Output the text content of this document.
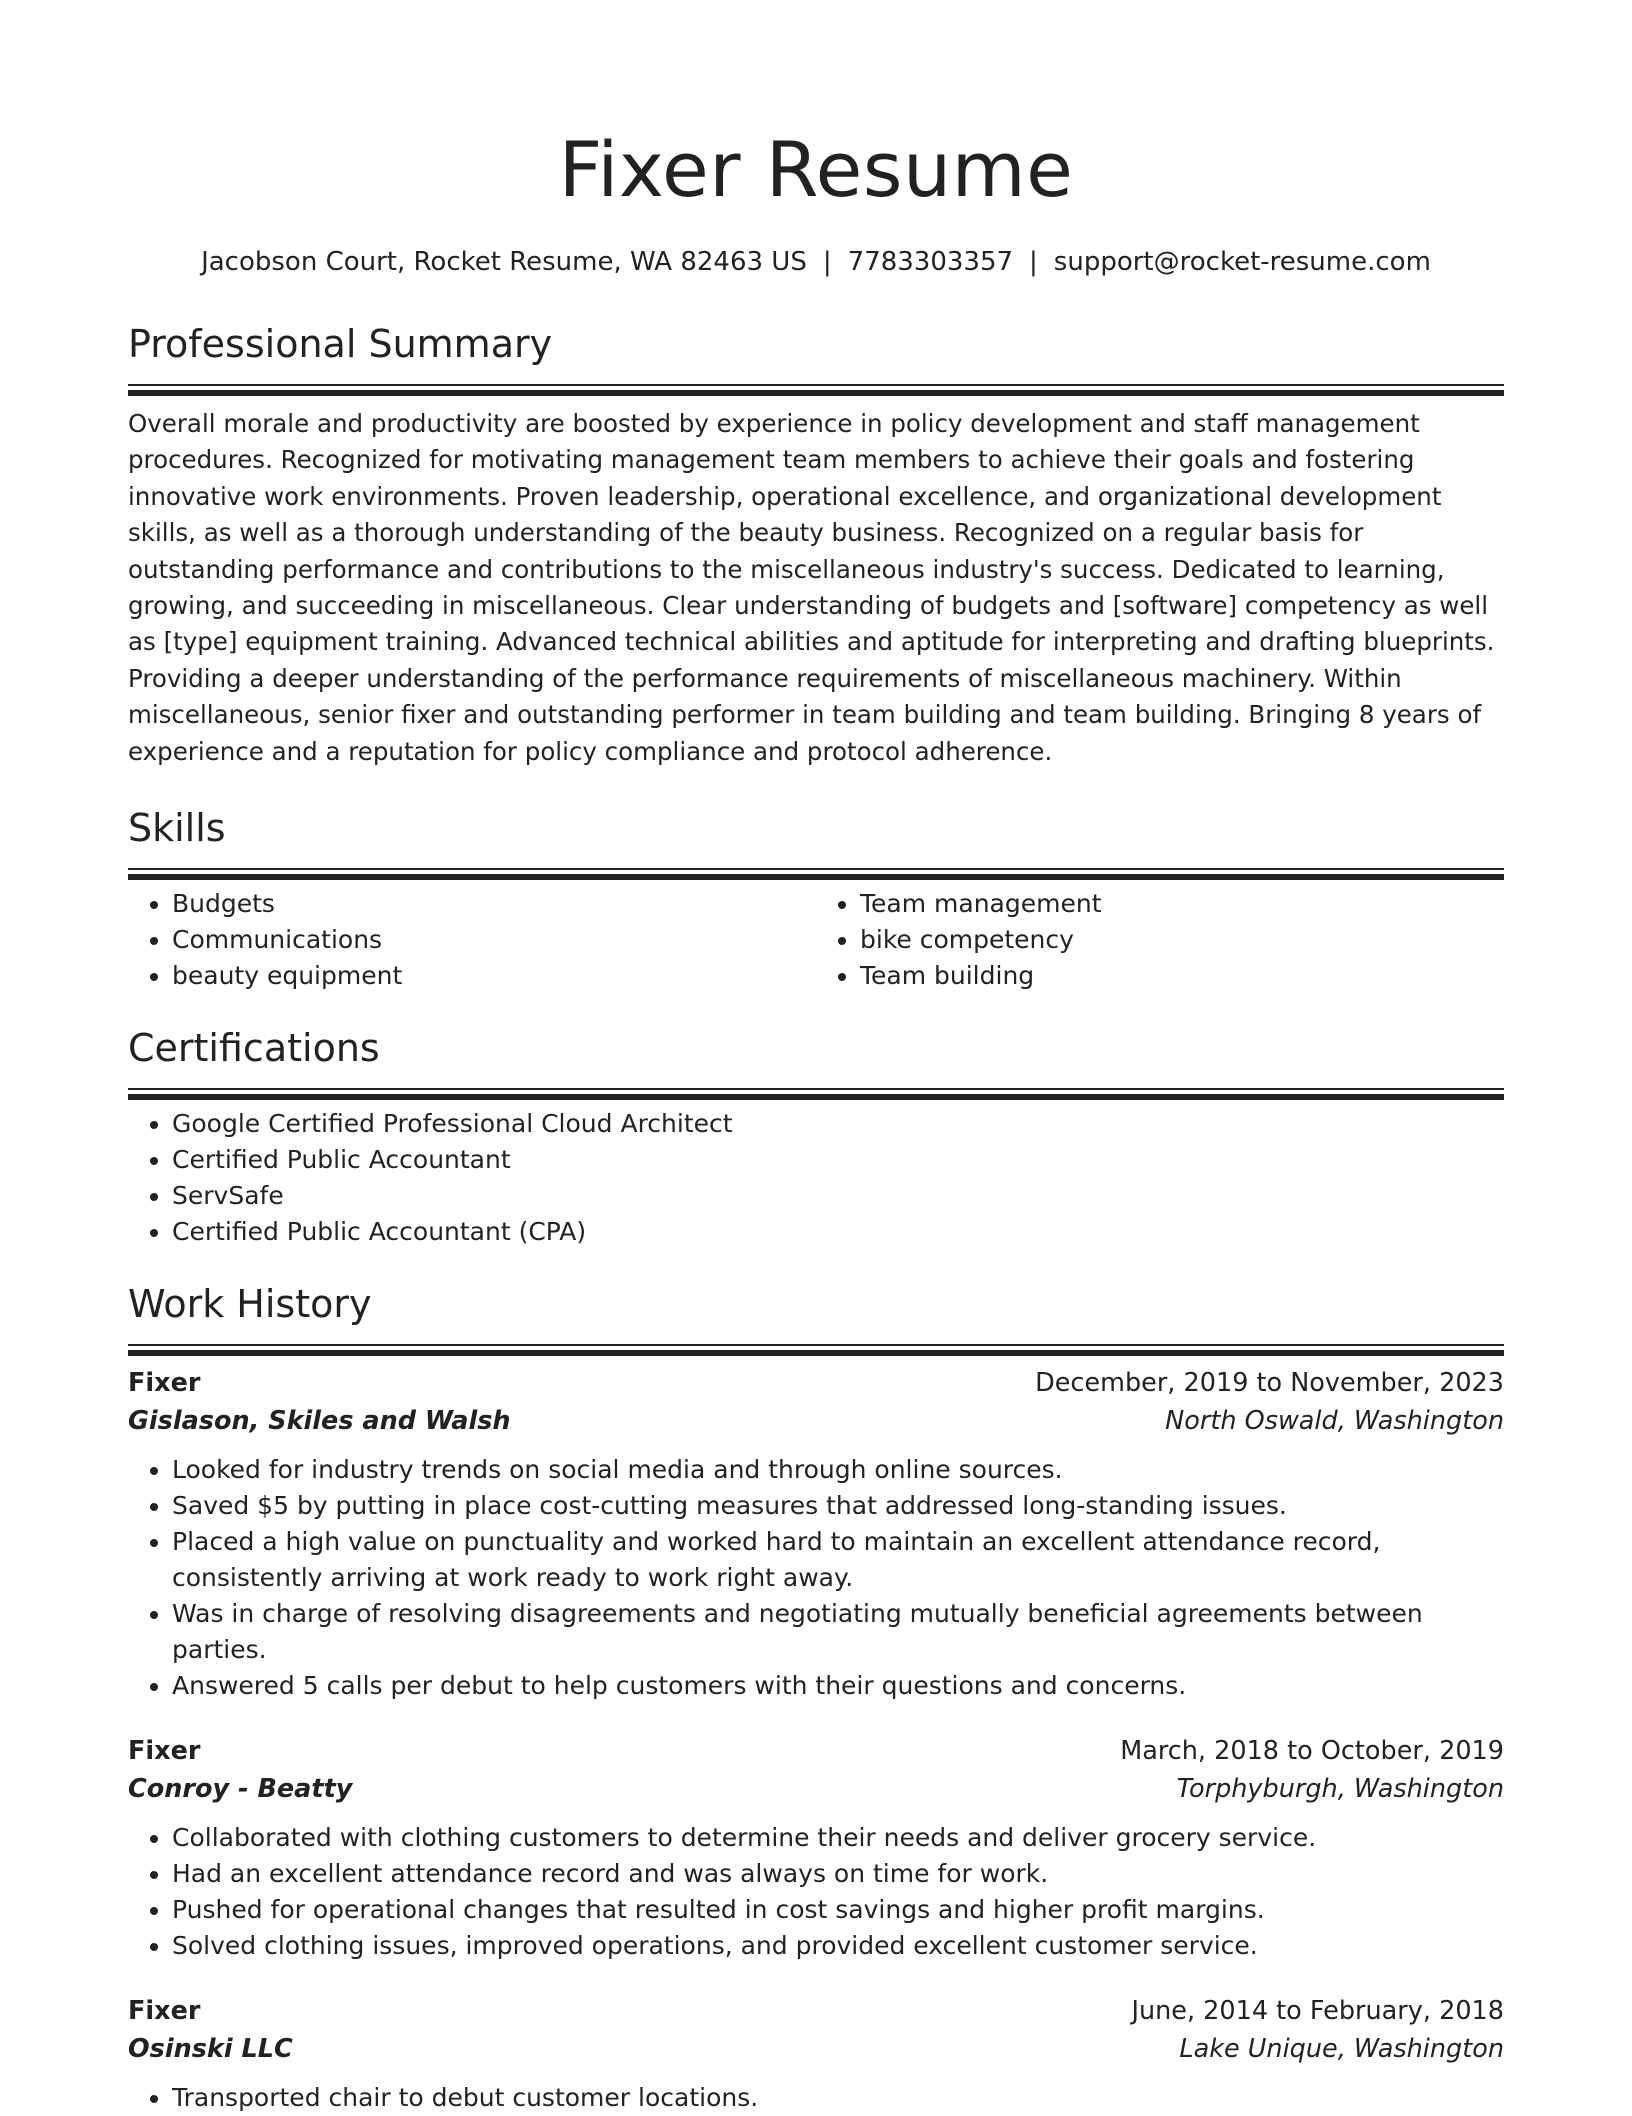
Fixer Resume
Jacobson Court, Rocket Resume, WA 82463 US | 7783303357 | support@rocket-resume.com
Professional Summary
Overall morale and productivity are boosted by experience in policy development and staff management procedures. Recognized for motivating management team members to achieve their goals and fostering innovative work environments. Proven leadership, operational excellence, and organizational development skills, as well as a thorough understanding of the beauty business. Recognized on a regular basis for outstanding performance and contributions to the miscellaneous industry's success. Dedicated to learning, growing, and succeeding in miscellaneous. Clear understanding of budgets and [software] competency as well as [type] equipment training. Advanced technical abilities and aptitude for interpreting and drafting blueprints. Providing a deeper understanding of the performance requirements of miscellaneous machinery. Within miscellaneous, senior fixer and outstanding performer in team building and team building. Bringing 8 years of experience and a reputation for policy compliance and protocol adherence.
Skills
• Budgets
• Communications
• beauty equipment
• Team management
• bike competency
• Team building
Certifications
• Google Certified Professional Cloud Architect
• Certified Public Accountant
• ServSafe
• Certified Public Accountant (CPA)
Work History
Fixer	December, 2019 to November, 2023
Gislason, Skiles and Walsh	North Oswald, Washington
• Looked for industry trends on social media and through online sources.
• Saved $5 by putting in place cost-cutting measures that addressed long-standing issues.
• Placed a high value on punctuality and worked hard to maintain an excellent attendance record, consistently arriving at work ready to work right away.
• Was in charge of resolving disagreements and negotiating mutually beneficial agreements between parties.
• Answered 5 calls per debut to help customers with their questions and concerns.
Fixer	March, 2018 to October, 2019
Conroy - Beatty	Torphyburgh, Washington
• Collaborated with clothing customers to determine their needs and deliver grocery service.
• Had an excellent attendance record and was always on time for work.
• Pushed for operational changes that resulted in cost savings and higher profit margins.
• Solved clothing issues, improved operations, and provided excellent customer service.
Fixer	June, 2014 to February, 2018
Osinski LLC	Lake Unique, Washington
• Transported chair to debut customer locations.
